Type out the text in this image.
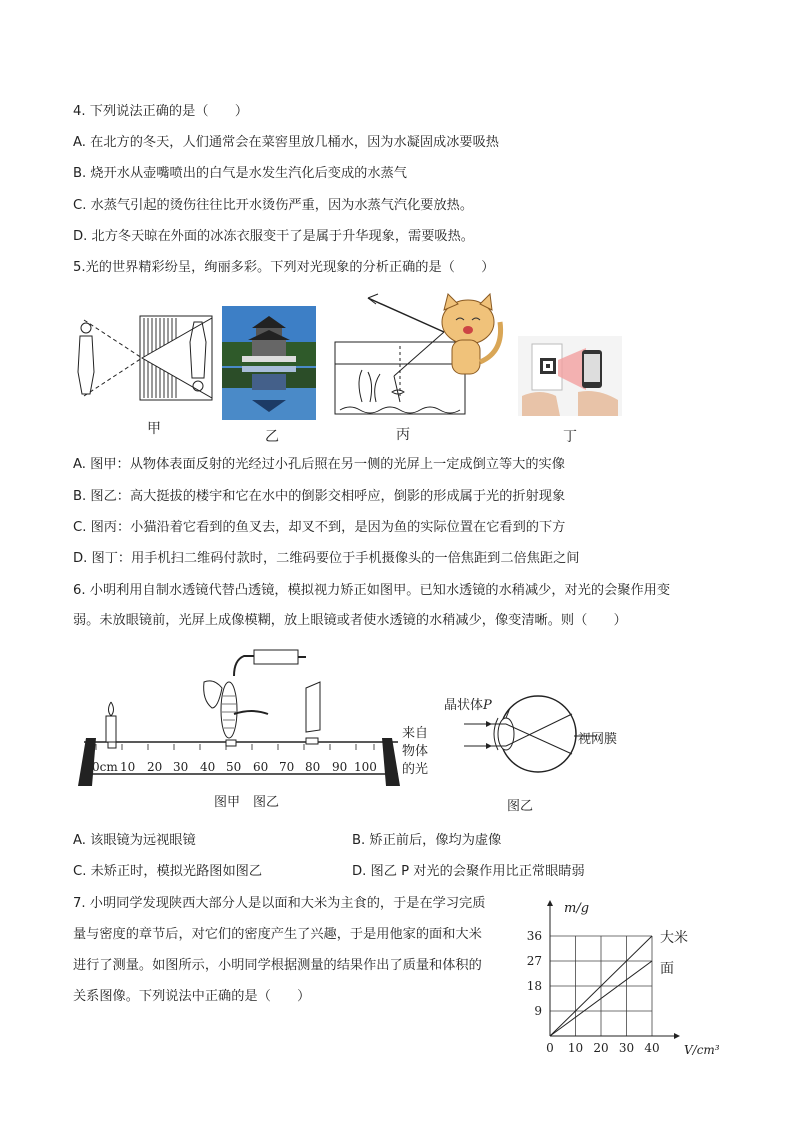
4. 下列说法正确的是（　　）
A. 在北方的冬天，人们通常会在菜窖里放几桶水，因为水凝固成冰要吸热
B. 烧开水从壶嘴喷出的白气是水发生汽化后变成的水蒸气
C. 水蒸气引起的烫伤往往比开水烫伤严重，因为水蒸气汽化要放热。
D. 北方冬天晾在外面的冰冻衣服变干了是属于升华现象，需要吸热。
5.光的世界精彩纷呈，绚丽多彩。下列对光现象的分析正确的是（　　）
甲	乙	丙	丁
A. 图甲：从物体表面反射的光经过小孔后照在另一侧的光屏上一定成倒立等大的实像
B. 图乙：高大挺拔的楼宇和它在水中的倒影交相呼应，倒影的形成属于光的折射现象
C. 图丙：小猫沿着它看到的鱼叉去，却叉不到，是因为鱼的实际位置在它看到的下方
D. 图丁：用手机扫二维码付款时，二维码要位于手机摄像头的一倍焦距到二倍焦距之间
6. 小明利用自制水透镜代替凸透镜，模拟视力矫正如图甲。已知水透镜的水稍减少，对光的会聚作用变
弱。未放眼镜前，光屏上成像模糊，放上眼镜或者使水透镜的水稍减少，像变清晰。则（　　）
0cm 10 20 30 40 50 60 70 80 90 100
图甲　图乙
晶状体P
来自
物体
的光
视网膜
图乙
A. 该眼镜为远视眼镜	B. 矫正前后，像均为虚像
C. 未矫正时，模拟光路图如图乙	D. 图乙 P 对光的会聚作用比正常眼睛弱
7. 小明同学发现陕西大部分人是以面和大米为主食的，于是在学习完质
量与密度的章节后，对它们的密度产生了兴趣，于是用他家的面和大米
进行了测量。如图所示，小明同学根据测量的结果作出了质量和体积的
关系图像。下列说法中正确的是（　　）
大米
面
0 10 20 30 40
9
18
27
36
m/g
V/cm³
